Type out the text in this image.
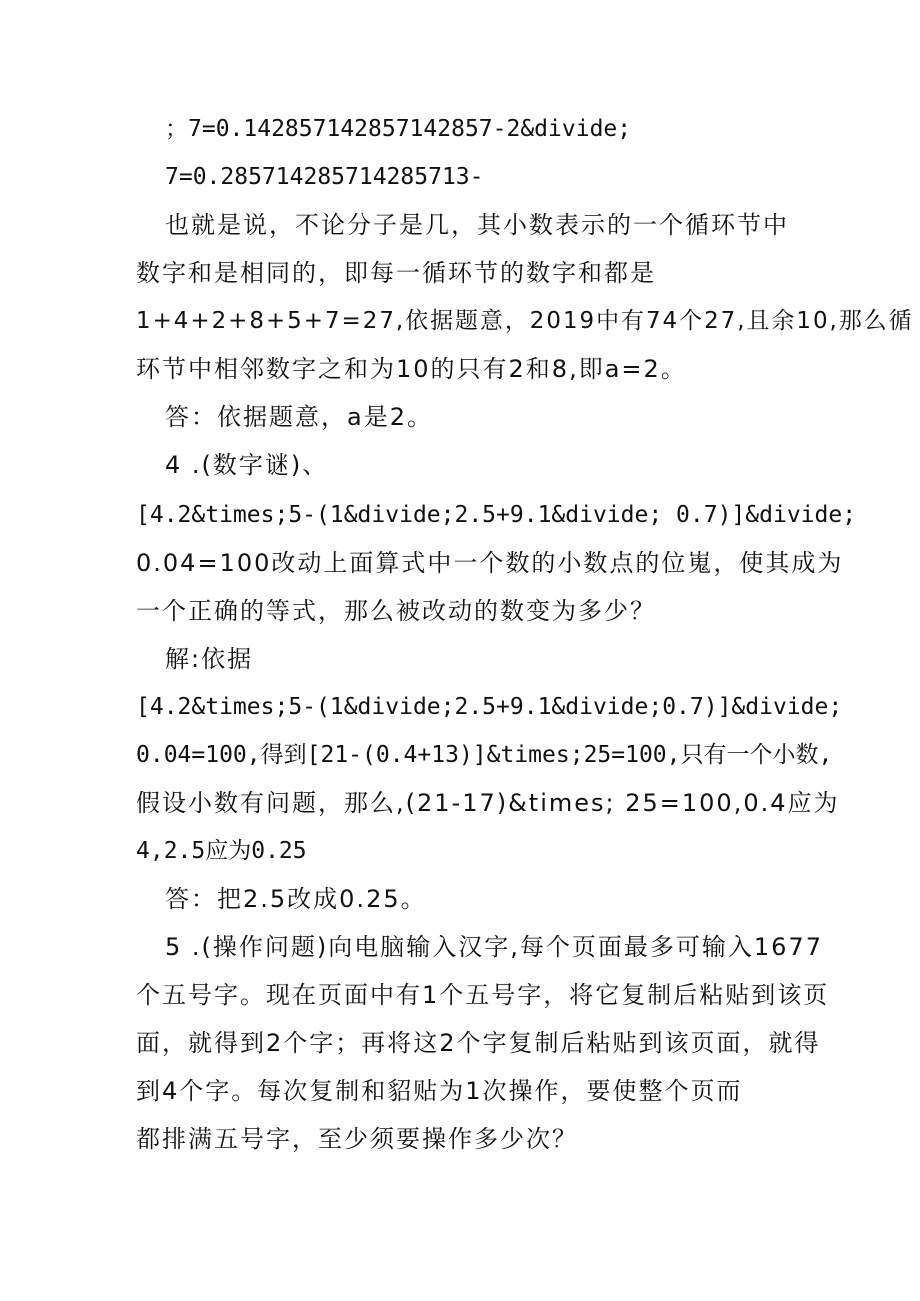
；7=0.142857142857142857-2&divide;
7=0.285714285714285713-
也就是说，不论分子是几，其小数表示的一个循环节中
数字和是相同的，即每一循环节的数字和都是
1+4+2+8+5+7=27,依据题意，2019中有74个27,且余10,那么循
环节中相邻数字之和为10的只有2和8,即a=2。
答：依据题意，a是2。
4 .(数字谜)、
[4.2&times;5-(1&divide;2.5+9.1&divide; 0.7)]&divide;
0.04=100改动上面算式中一个数的小数点的位嵬，使其成为
一个正确的等式，那么被改动的数变为多少？
解:依据
[4.2&times;5-(1&divide;2.5+9.1&divide;0.7)]&divide;
0.04=100,得到[21-(0.4+13)]&times;25=100,只有一个小数,
假设小数有问题，那么,(21-17)&times; 25=100,0.4应为
4,2.5应为0.25
答：把2.5改成0.25。
5 .(操作问题)向电脑输入汉字,每个页面最多可输入1677
个五号字。现在页面中有1个五号字，将它复制后粘贴到该页
面，就得到2个字；再将这2个字复制后粘贴到该页面，就得
到4个字。每次复制和貂贴为1次操作，要使整个页而
都排满五号字，至少须要操作多少次？
